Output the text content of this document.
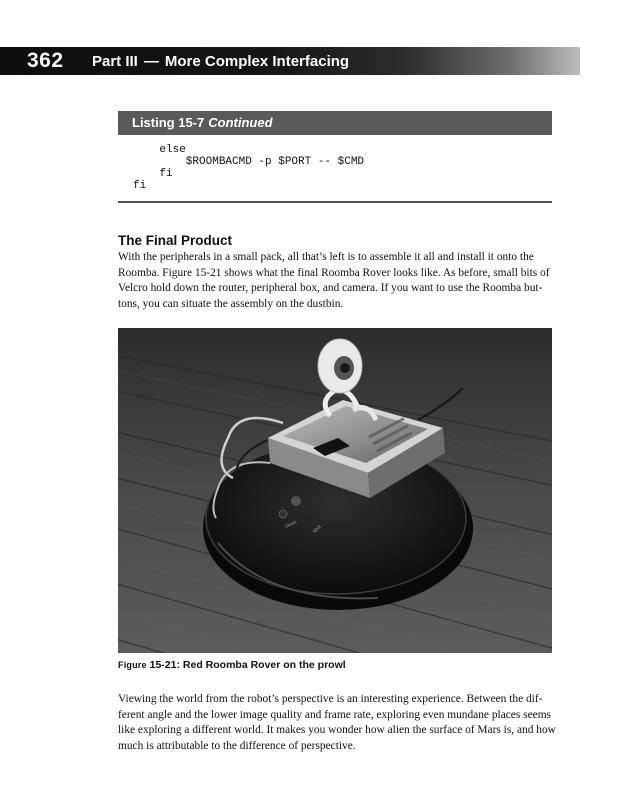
362 Part III — More Complex Interfacing
Listing 15-7 Continued
else
$ROOMBACMD -p $PORT -- $CMD
fi
fi
The Final Product
With the peripherals in a small pack, all that’s left is to assemble it all and install it onto the
Roomba. Figure 15-21 shows what the final Roomba Rover looks like. As before, small bits of
Velcro hold down the router, peripheral box, and camera. If you want to use the Roomba but-
tons, you can situate the assembly on the dustbin.
clean	spot
Figure 15-21: Red Roomba Rover on the prowl
Viewing the world from the robot’s perspective is an interesting experience. Between the dif-
ferent angle and the lower image quality and frame rate, exploring even mundane places seems
like exploring a different world. It makes you wonder how alien the surface of Mars is, and how
much is attributable to the difference of perspective.
